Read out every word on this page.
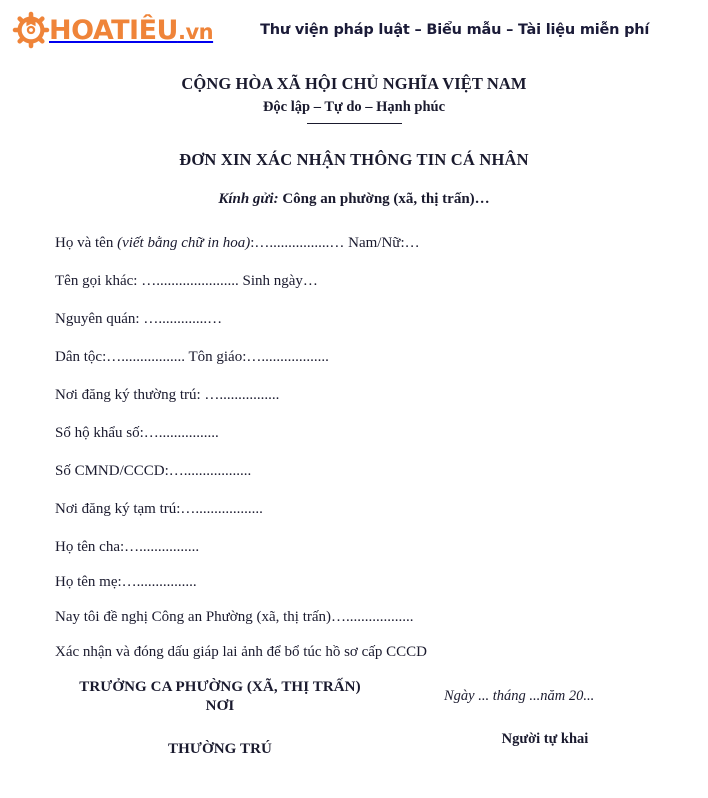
HOATIÊU.vn	Thư viện pháp luật – Biểu mẫu – Tài liệu miễn phí
CỘNG HÒA XÃ HỘI CHỦ NGHĨA VIỆT NAM
Độc lập – Tự do – Hạnh phúc
ĐƠN XIN XÁC NHẬN THÔNG TIN CÁ NHÂN
Kính gửi: Công an phường (xã, thị trấn)…
Họ và tên (viết bằng chữ in hoa):…................… Nam/Nữ:…
Tên gọi khác: …...................... Sinh ngày…
Nguyên quán: ….............…
Dân tộc:…................. Tôn giáo:…..................
Nơi đăng ký thường trú: …................
Sổ hộ khẩu số:…................
Số CMND/CCCD:…..................
Nơi đăng ký tạm trú:…..................
Họ tên cha:…................
Họ tên mẹ:…................
Nay tôi đề nghị Công an Phường (xã, thị trấn)…..................
Xác nhận và đóng dấu giáp lai ảnh để bổ túc hồ sơ cấp CCCD
TRƯỞNG CA PHƯỜNG (XÃ, THỊ TRẤN)
NƠI
THƯỜNG TRÚ
Ngày ... tháng ...năm 20...
Người tự khai
